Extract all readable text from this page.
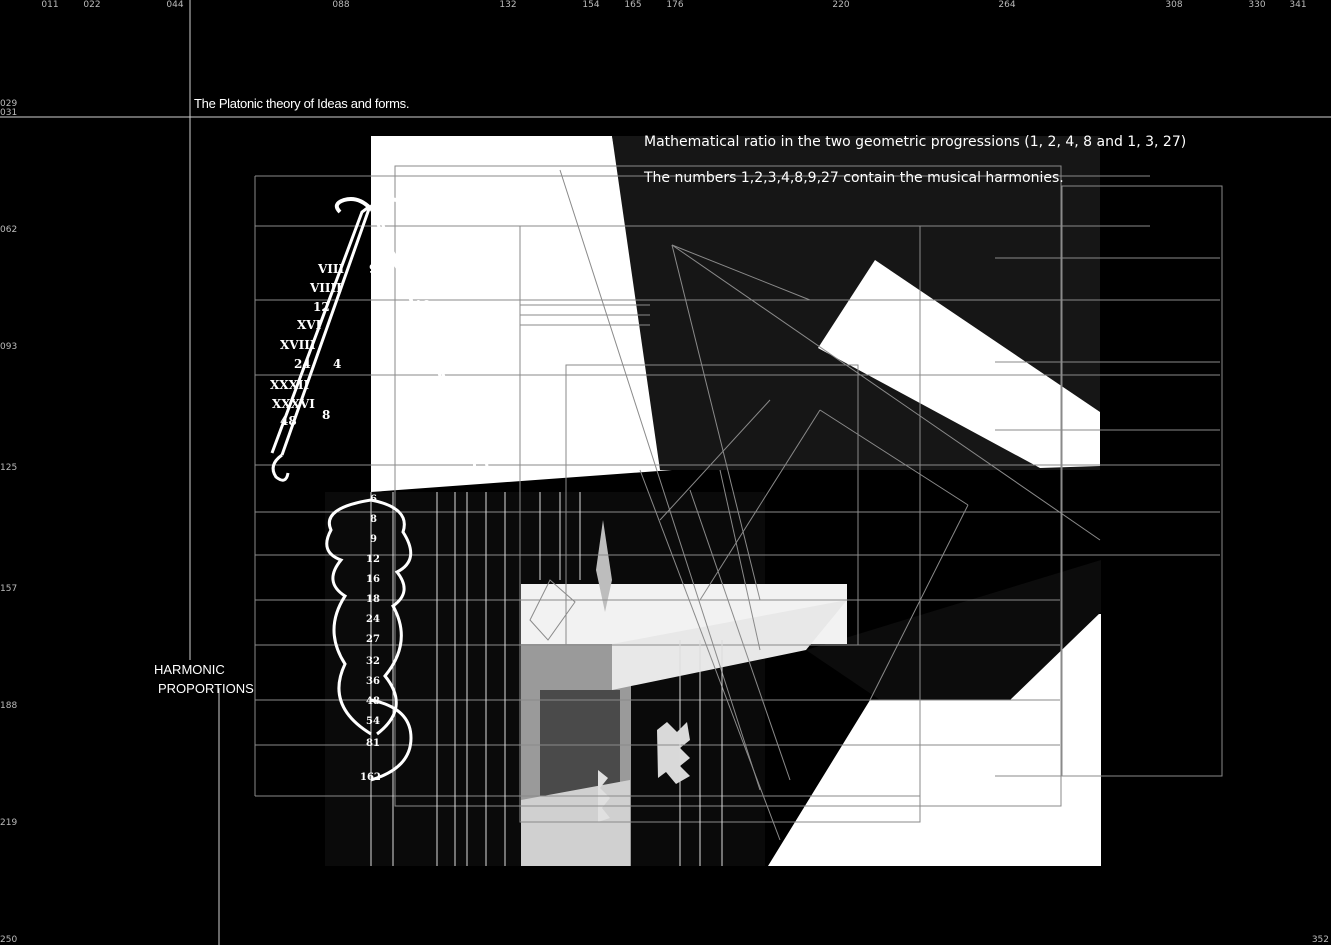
011	022	044	088	132	154	165	176	220	264	308	330	341
029
031
062
093
125
157
188
219
250	352
VIII
VIIII
12
XVI
XVIII
24
XXXII
XXXVI
48
VIII
XII
18
XXVII
XXXVI
54
LXXXI
CVIII
162
9
3
4
8	27
6
8
9
12
16
18
24
27
32
36
48
54
81
162
The Platonic theory of Ideas and forms.
Mathematical ratio in the two geometric progressions (1, 2, 4, 8 and 1, 3, 27)
The numbers 1,2,3,4,8,9,27 contain the musical harmonies.
HARMONIC
PROPORTIONS
